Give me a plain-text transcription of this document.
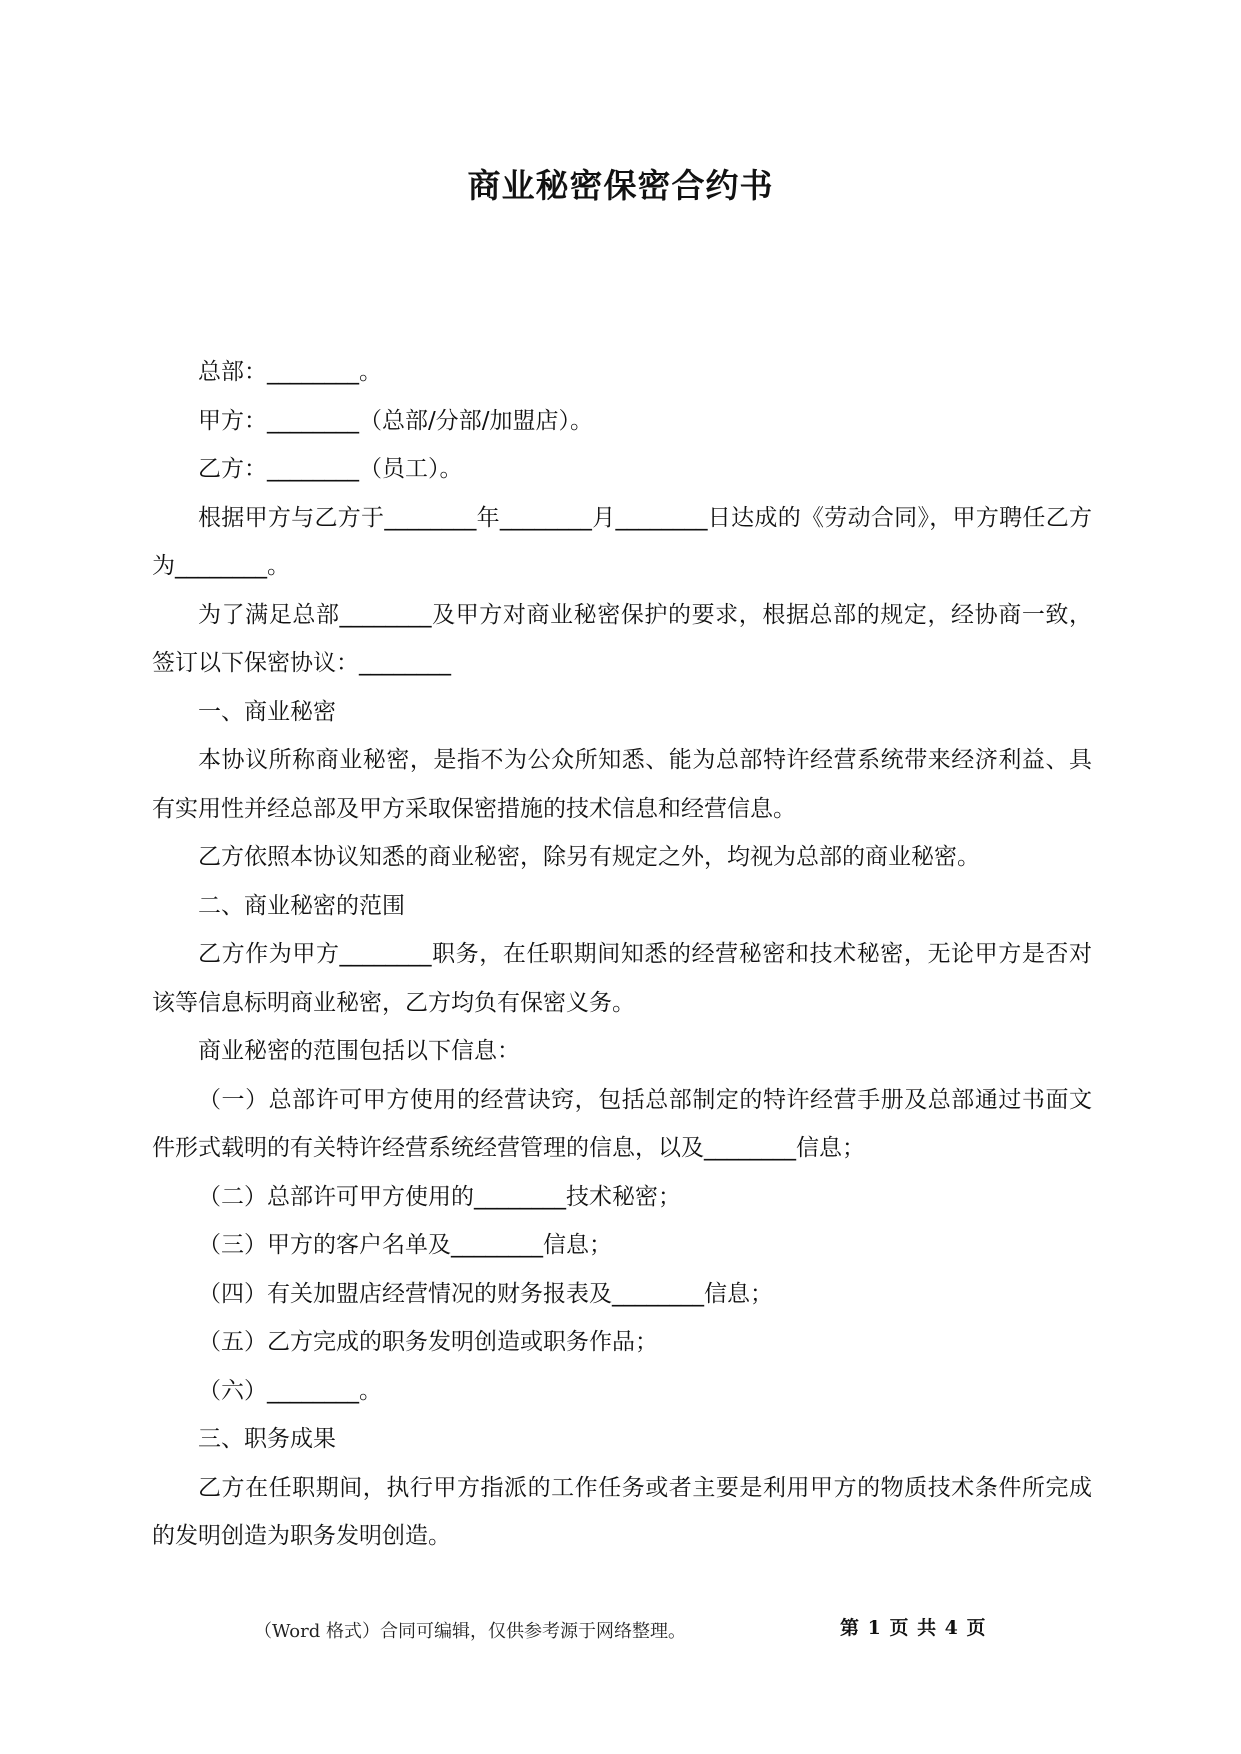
商业秘密保密合约书

总部：________。

甲方：________（总部/分部/加盟店）。

乙方：________（员工）。

根据甲方与乙方于________年________月________日达成的《劳动合同》，甲方聘任乙方为________。

为了满足总部________及甲方对商业秘密保护的要求，根据总部的规定，经协商一致，签订以下保密协议：________

一、商业秘密

本协议所称商业秘密，是指不为公众所知悉、能为总部特许经营系统带来经济利益、具有实用性并经总部及甲方采取保密措施的技术信息和经营信息。

乙方依照本协议知悉的商业秘密，除另有规定之外，均视为总部的商业秘密。

二、商业秘密的范围

乙方作为甲方________职务，在任职期间知悉的经营秘密和技术秘密，无论甲方是否对该等信息标明商业秘密，乙方均负有保密义务。

商业秘密的范围包括以下信息：

（一）总部许可甲方使用的经营诀窍，包括总部制定的特许经营手册及总部通过书面文件形式载明的有关特许经营系统经营管理的信息，以及________信息；

（二）总部许可甲方使用的________技术秘密；

（三）甲方的客户名单及________信息；

（四）有关加盟店经营情况的财务报表及________信息；

（五）乙方完成的职务发明创造或职务作品；

（六）________。

三、职务成果

乙方在任职期间，执行甲方指派的工作任务或者主要是利用甲方的物质技术条件所完成的发明创造为职务发明创造。

（Word 格式）合同可编辑，仅供参考源于网络整理。	第 1 页 共 4 页
